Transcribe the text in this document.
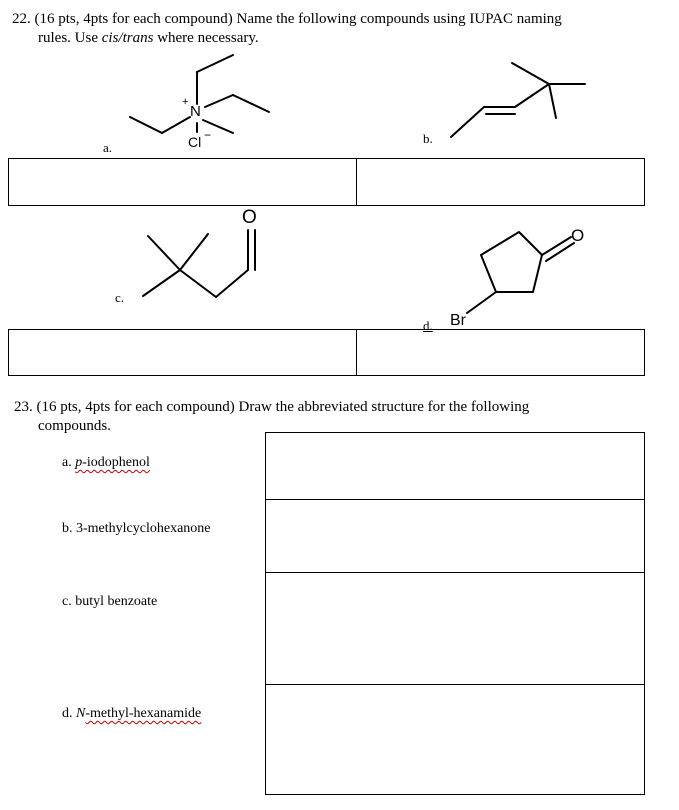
22. (16 pts, 4pts for each compound) Name the following compounds using IUPAC naming
rules. Use cis/trans where necessary.
+
N
Cl −
O
O
Br
a.
b.
c.
d.
23. (16 pts, 4pts for each compound) Draw the abbreviated structure for the following
compounds.
a. p-iodophenol
b. 3-methylcyclohexanone
c. butyl benzoate
d. N-methyl-hexanamide
